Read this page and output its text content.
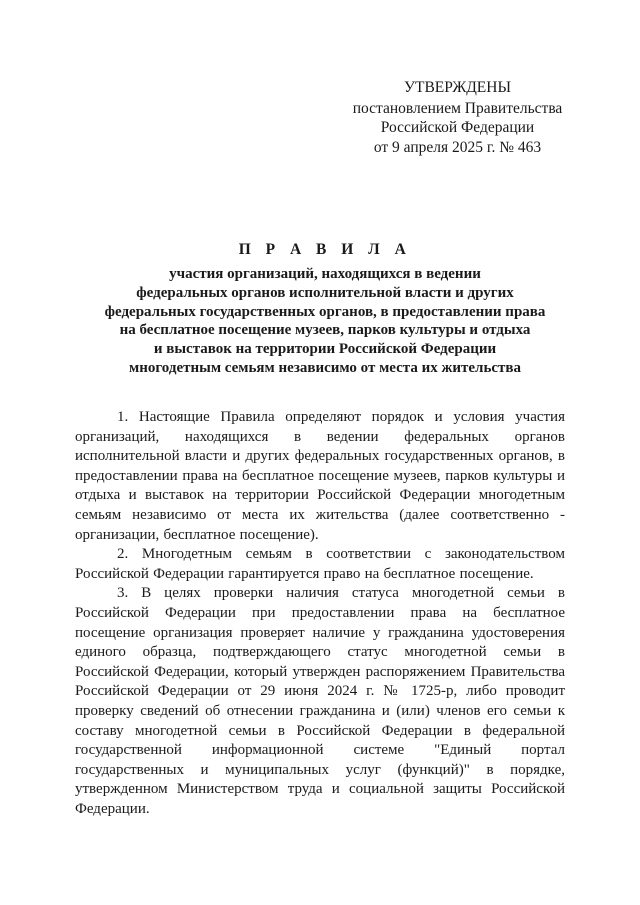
УТВЕРЖДЕНЫ
постановлением Правительства
Российской Федерации
от 9 апреля 2025 г. № 463
П Р А В И Л А
участия организаций, находящихся в ведении
федеральных органов исполнительной власти и других
федеральных государственных органов, в предоставлении права
на бесплатное посещение музеев, парков культуры и отдыха
и выставок на территории Российской Федерации
многодетным семьям независимо от места их жительства

1. Настоящие Правила определяют порядок и условия участия организаций, находящихся в ведении федеральных органов исполнительной власти и других федеральных государственных органов, в предоставлении права на бесплатное посещение музеев, парков культуры и отдыха и выставок на территории Российской Федерации многодетным семьям независимо от места их жительства (далее соответственно - организации, бесплатное посещение).

2. Многодетным семьям в соответствии с законодательством Российской Федерации гарантируется право на бесплатное посещение.

3. В целях проверки наличия статуса многодетной семьи в Российской Федерации при предоставлении права на бесплатное посещение организация проверяет наличие у гражданина удостоверения единого образца, подтверждающего статус многодетной семьи в Российской Федерации, который утвержден распоряжением Правительства Российской Федерации от 29 июня 2024 г. № 1725-р, либо проводит проверку сведений об отнесении гражданина и (или) членов его семьи к составу многодетной семьи в Российской Федерации в федеральной государственной информационной системе "Единый портал государственных и муниципальных услуг (функций)" в порядке, утвержденном Министерством труда и социальной защиты Российской Федерации.
